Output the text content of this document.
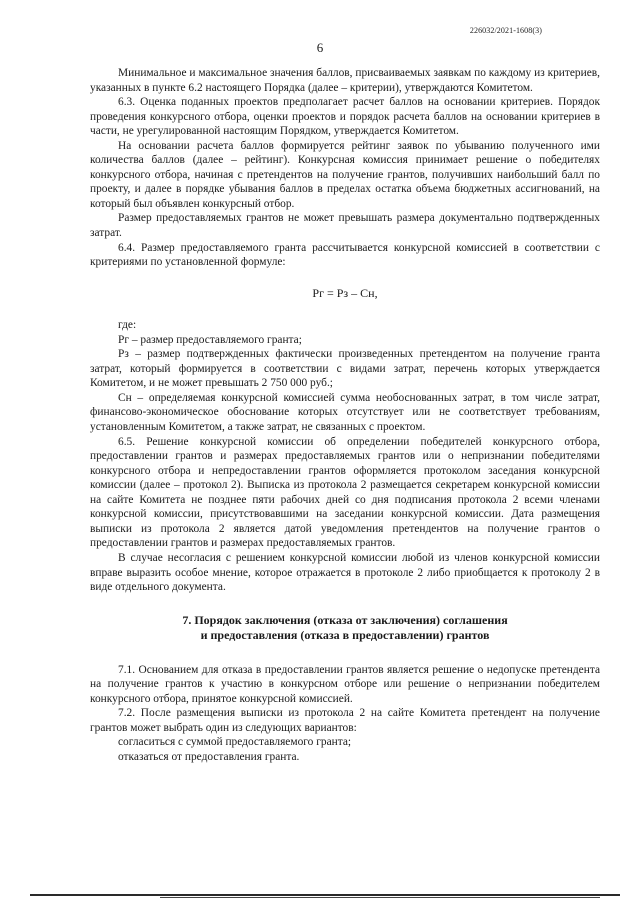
226032/2021-1608(3)
6

Минимальное и максимальное значения баллов, присваиваемых заявкам по каждому из критериев, указанных в пункте 6.2 настоящего Порядка (далее – критерии), утверждаются Комитетом.

6.3. Оценка поданных проектов предполагает расчет баллов на основании критериев. Порядок проведения конкурсного отбора, оценки проектов и порядок расчета баллов на основании критериев в части, не урегулированной настоящим Порядком, утверждается Комитетом.

На основании расчета баллов формируется рейтинг заявок по убыванию полученного ими количества баллов (далее – рейтинг). Конкурсная комиссия принимает решение о победителях конкурсного отбора, начиная с претендентов на получение грантов, получивших наибольший балл по проекту, и далее в порядке убывания баллов в пределах остатка объема бюджетных ассигнований, на который был объявлен конкурсный отбор.

Размер предоставляемых грантов не может превышать размера документально подтвержденных затрат.

6.4. Размер предоставляемого гранта рассчитывается конкурсной комиссией в соответствии с критериями по установленной формуле:

Рг = Рз – Сн,

где:

Рг – размер предоставляемого гранта;

Рз – размер подтвержденных фактически произведенных претендентом на получение гранта затрат, который формируется в соответствии с видами затрат, перечень которых утверждается Комитетом, и не может превышать 2 750 000 руб.;

Сн – определяемая конкурсной комиссией сумма необоснованных затрат, в том числе затрат, финансово-экономическое обоснование которых отсутствует или не соответствует требованиям, установленным Комитетом, а также затрат, не связанных с проектом.

6.5. Решение конкурсной комиссии об определении победителей конкурсного отбора, предоставлении грантов и размерах предоставляемых грантов или о непризнании победителями конкурсного отбора и непредоставлении грантов оформляется протоколом заседания конкурсной комиссии (далее – протокол 2). Выписка из протокола 2 размещается секретарем конкурсной комиссии на сайте Комитета не позднее пяти рабочих дней со дня подписания протокола 2 всеми членами конкурсной комиссии, присутствовавшими на заседании конкурсной комиссии. Дата размещения выписки из протокола 2 является датой уведомления претендентов на получение грантов о предоставлении грантов и размерах предоставляемых грантов.

В случае несогласия с решением конкурсной комиссии любой из членов конкурсной комиссии вправе выразить особое мнение, которое отражается в протоколе 2 либо приобщается к протоколу 2 в виде отдельного документа.

7. Порядок заключения (отказа от заключения) соглашения
и предоставления (отказа в предоставлении) грантов

7.1. Основанием для отказа в предоставлении грантов является решение о недопуске претендента на получение грантов к участию в конкурсном отборе или решение о непризнании победителем конкурсного отбора, принятое конкурсной комиссией.

7.2. После размещения выписки из протокола 2 на сайте Комитета претендент на получение грантов может выбрать один из следующих вариантов:

согласиться с суммой предоставляемого гранта;

отказаться от предоставления гранта.
